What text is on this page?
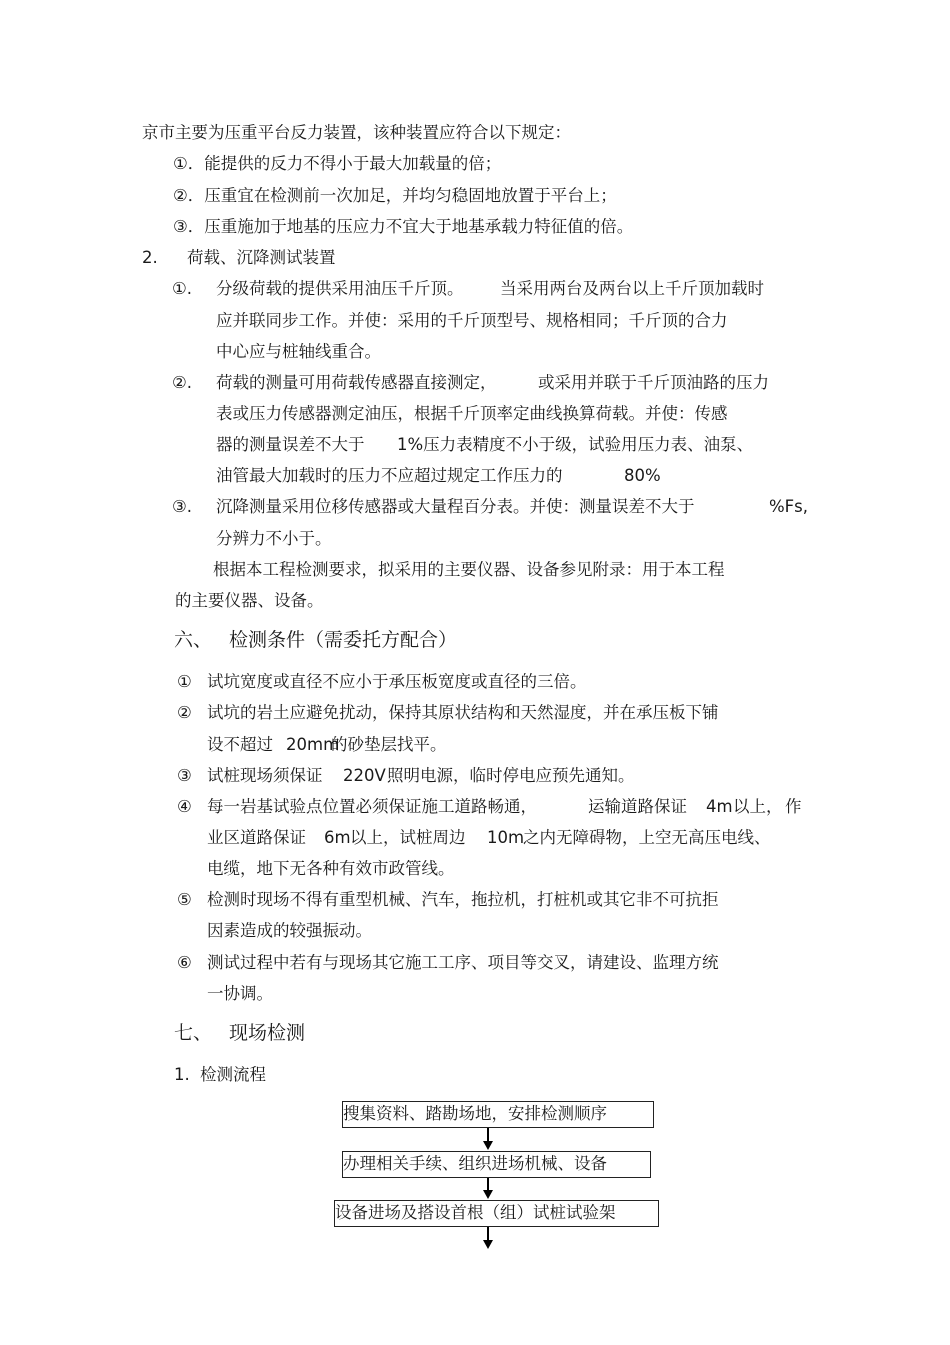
京市主要为压重平台反力装置，该种装置应符合以下规定：
①．能提供的反力不得小于最大加载量的倍；
②．压重宜在检测前一次加足，并均匀稳固地放置于平台上；
③．压重施加于地基的压应力不宜大于地基承载力特征值的倍。
2. 荷载、沉降测试装置
①. 分级荷载的提供采用油压千斤顶。 当采用两台及两台以上千斤顶加载时
应并联同步工作。并使：采用的千斤顶型号、规格相同；千斤顶的合力
中心应与桩轴线重合。
②. 荷载的测量可用荷载传感器直接测定，	或采用并联于千斤顶油路的压力
表或压力传感器测定油压，根据千斤顶率定曲线换算荷载。并使：传感
器的测量误差不大于 1%压力表精度不小于级，试验用压力表、油泵、
油管最大加载时的压力不应超过规定工作压力的	80%
③. 沉降测量采用位移传感器或大量程百分表。并使：测量误差不大于	%Fs,
分辨力不小于。
根据本工程检测要求，拟采用的主要仪器、设备参见附录：用于本工程
的主要仪器、设备。
六、 检测条件（需委托方配合）
① 试坑宽度或直径不应小于承压板宽度或直径的三倍。
② 试坑的岩土应避免扰动，保持其原状结构和天然湿度，并在承压板下铺
设不超过 20mm
的砂垫层找平。
③ 试桩现场须保证 220V 照明电源，临时停电应预先通知。
④ 每一岩基试验点位置必须保证施工道路畅通，	运输道路保证 4m 以上， 作
业区道路保证 6m 以上，试桩周边 10m
之内无障碍物，上空无高压电线、
电缆，地下无各种有效市政管线。
⑤ 检测时现场不得有重型机械、汽车，拖拉机，打桩机或其它非不可抗拒
因素造成的较强振动。
⑥ 测试过程中若有与现场其它施工工序、项目等交叉，请建设、监理方统
一协调。
七、 现场检测
1. 检测流程
搜集资料、踏勘场地，安排检测顺序
办理相关手续、组织进场机械、设备
设备进场及搭设首根（组）试桩试验架
